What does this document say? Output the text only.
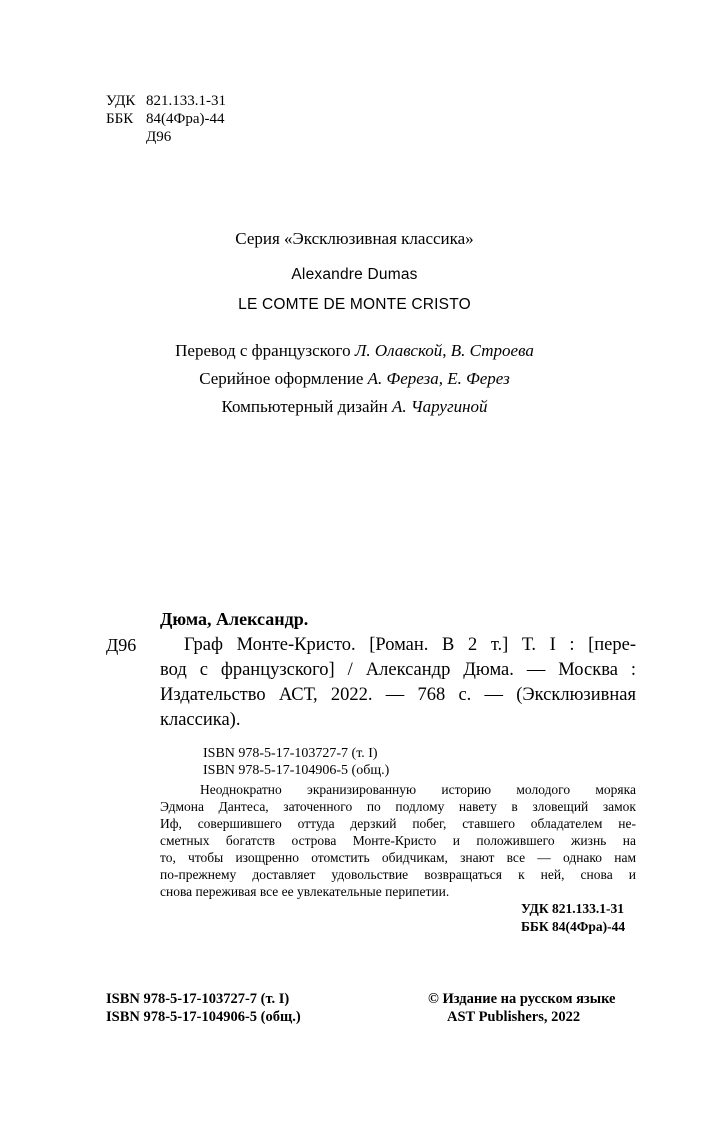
УДК 821.133.1-31
ББК 84(4Фра)-44
Д96
Серия «Эксклюзивная классика»
Alexandre Dumas
LE COMTE DE MONTE CRISTO
Перевод с французского Л. Олавской, В. Строева
Серийное оформление А. Фереза, Е. Ферез
Компьютерный дизайн А. Чаругиной
Дюма, Александр.
Д96	Граф Монте-Кристо. [Роман. В 2 т.] Т. I : [пере-
вод с французского] / Александр Дюма. — Москва :
Издательство АСТ, 2022. — 768 с. — (Эксклюзивная
классика).
ISBN 978-5-17-103727-7 (т. I)
ISBN 978-5-17-104906-5 (общ.)
Неоднократно экранизированную историю молодого моряка
Эдмона Дантеса, заточенного по подлому навету в зловещий замок
Иф, совершившего оттуда дерзкий побег, ставшего обладателем не-
сметных богатств острова Монте-Кристо и положившего жизнь на
то, чтобы изощренно отомстить обидчикам, знают все — однако нам
по-прежнему доставляет удовольствие возвращаться к ней, снова и
снова переживая все ее увлекательные перипетии.
УДК 821.133.1-31
ББК 84(4Фра)-44
ISBN 978-5-17-103727-7 (т. I)
ISBN 978-5-17-104906-5 (общ.)
© Издание на русском языке
AST Publishers, 2022
